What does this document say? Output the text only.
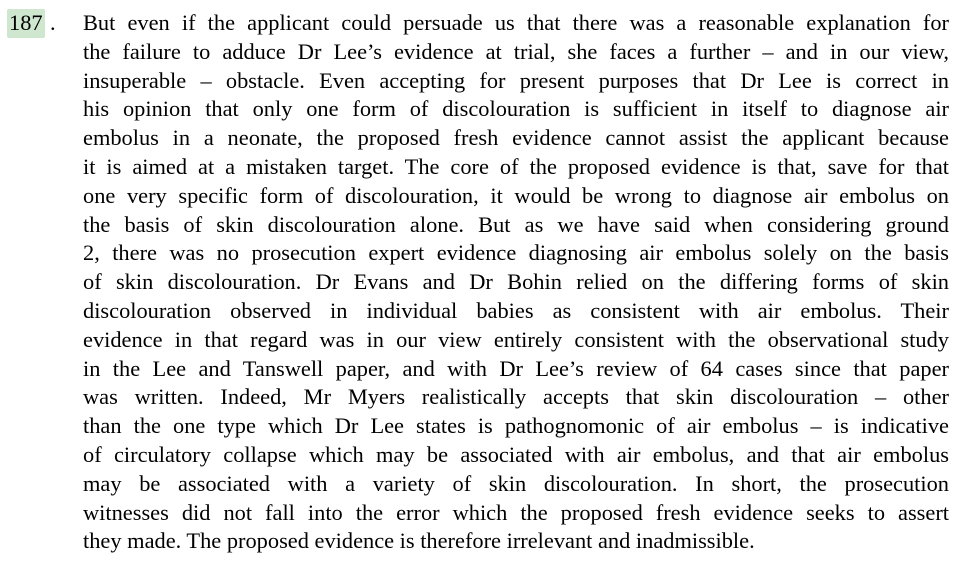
187 . But even if the applicant could persuade us that there was a reasonable explanation for
the failure to adduce Dr Lee’s evidence at trial, she faces a further – and in our view,
insuperable – obstacle. Even accepting for present purposes that Dr Lee is correct in
his opinion that only one form of discolouration is sufficient in itself to diagnose air
embolus in a neonate, the proposed fresh evidence cannot assist the applicant because
it is aimed at a mistaken target. The core of the proposed evidence is that, save for that
one very specific form of discolouration, it would be wrong to diagnose air embolus on
the basis of skin discolouration alone. But as we have said when considering ground
2, there was no prosecution expert evidence diagnosing air embolus solely on the basis
of skin discolouration. Dr Evans and Dr Bohin relied on the differing forms of skin
discolouration observed in individual babies as consistent with air embolus. Their
evidence in that regard was in our view entirely consistent with the observational study
in the Lee and Tanswell paper, and with Dr Lee’s review of 64 cases since that paper
was written. Indeed, Mr Myers realistically accepts that skin discolouration – other
than the one type which Dr Lee states is pathognomonic of air embolus – is indicative
of circulatory collapse which may be associated with air embolus, and that air embolus
may be associated with a variety of skin discolouration. In short, the prosecution
witnesses did not fall into the error which the proposed fresh evidence seeks to assert
they made. The proposed evidence is therefore irrelevant and inadmissible.
